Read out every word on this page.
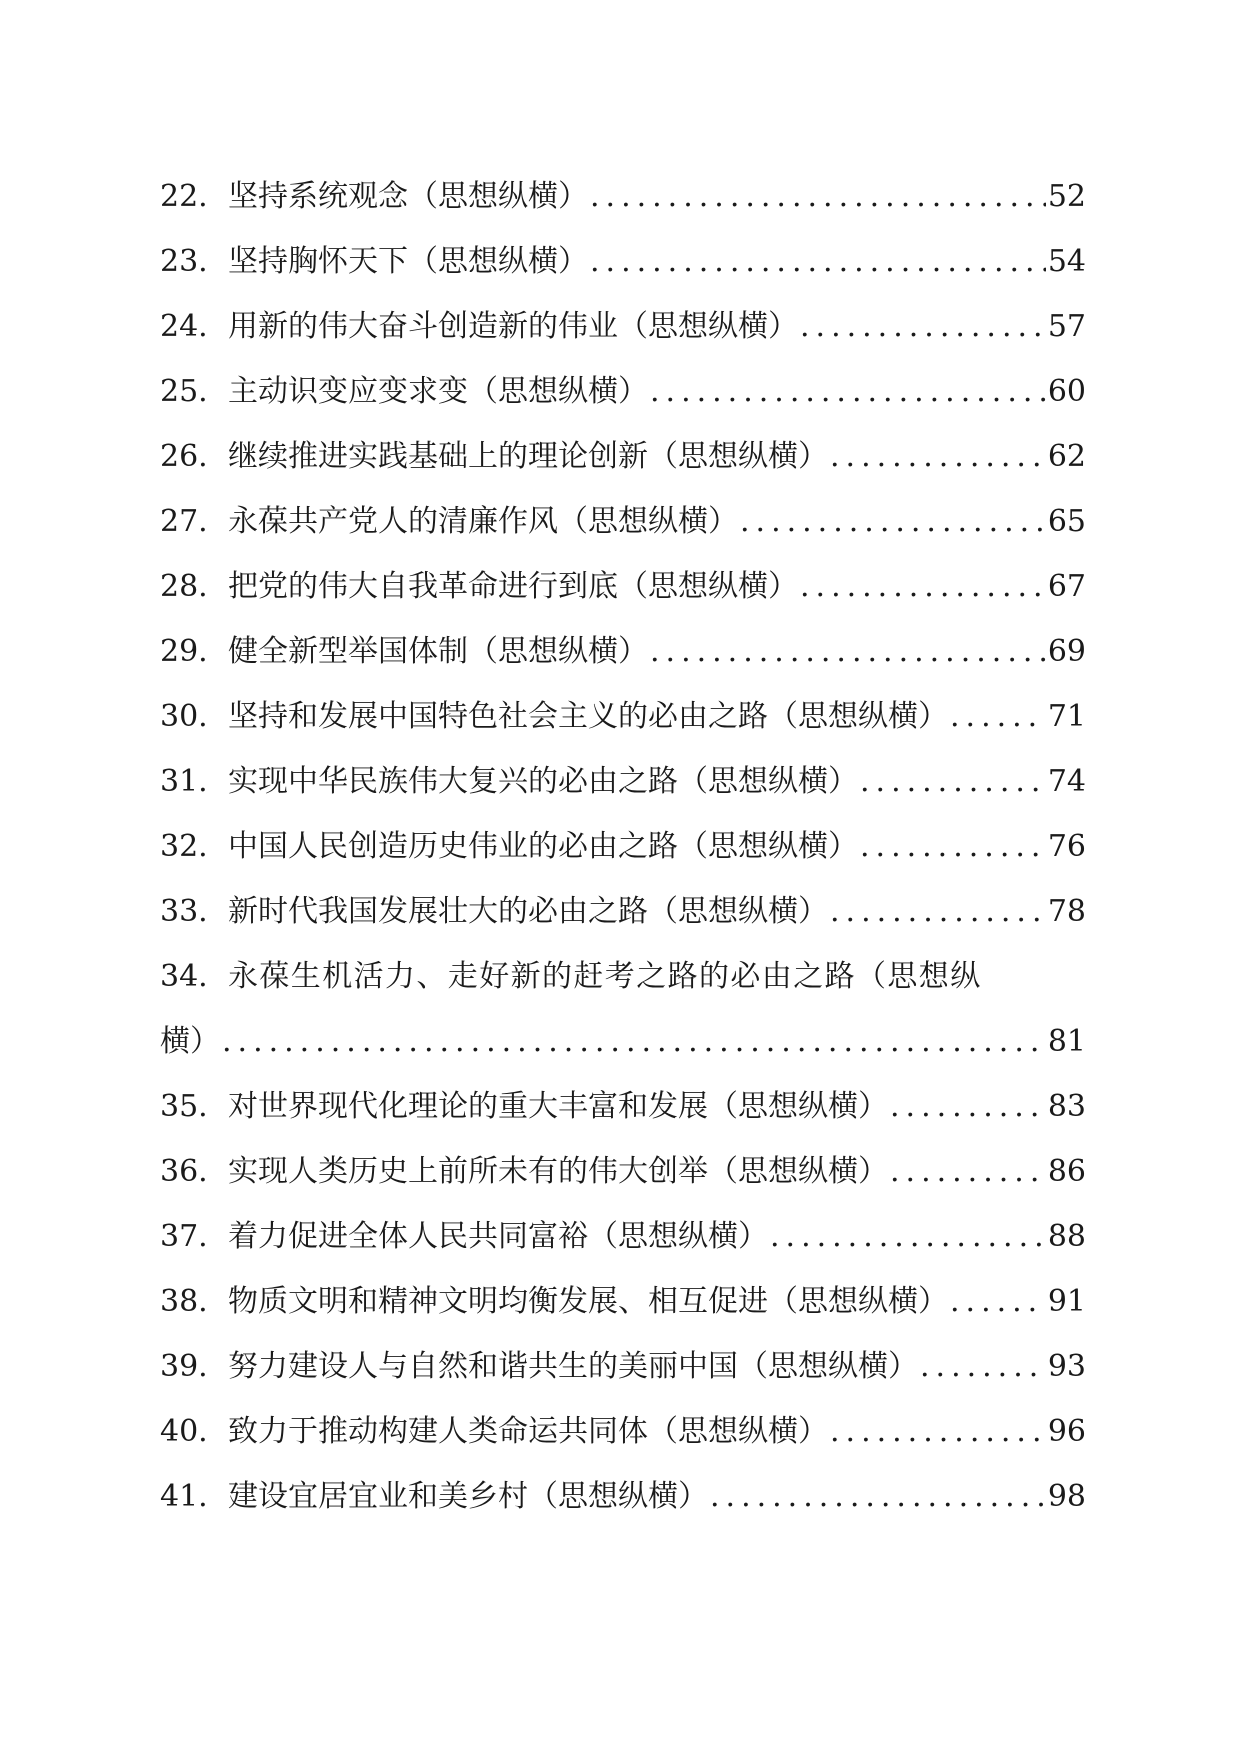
22. 坚持系统观念（思想纵横） .....	52
23. 坚持胸怀天下（思想纵横） .....	54
24. 用新的伟大奋斗创造新的伟业（思想纵横） .....	57
25. 主动识变应变求变（思想纵横） .....	60
26. 继续推进实践基础上的理论创新（思想纵横） .....	62
27. 永葆共产党人的清廉作风（思想纵横） .....	65
28. 把党的伟大自我革命进行到底（思想纵横） .....	67
29. 健全新型举国体制（思想纵横） .....	69
30. 坚持和发展中国特色社会主义的必由之路（思想纵横） .....	71
31. 实现中华民族伟大复兴的必由之路（思想纵横） .....	74
32. 中国人民创造历史伟业的必由之路（思想纵横） .....	76
33. 新时代我国发展壮大的必由之路（思想纵横） .....	78
34. 永葆生机活力、走好新的赶考之路的必由之路（思想纵
横） .....	81
35. 对世界现代化理论的重大丰富和发展（思想纵横） .....	83
36. 实现人类历史上前所未有的伟大创举（思想纵横） .....	86
37. 着力促进全体人民共同富裕（思想纵横） .....	88
38. 物质文明和精神文明均衡发展、相互促进（思想纵横） .....	91
39. 努力建设人与自然和谐共生的美丽中国（思想纵横） .....	93
40. 致力于推动构建人类命运共同体（思想纵横） .....	96
41. 建设宜居宜业和美乡村（思想纵横） .....	98
